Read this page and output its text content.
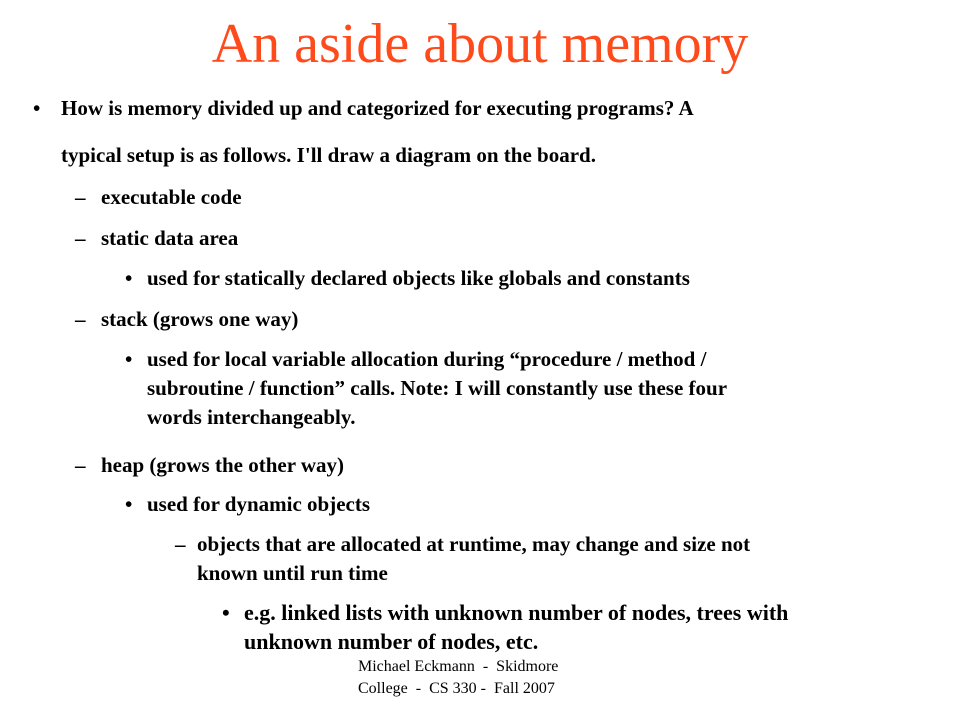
An aside about memory
• How is memory divided up and categorized for executing programs? A
typical setup is as follows. I'll draw a diagram on the board.
– executable code
– static data area
• used for statically declared objects like globals and constants
– stack (grows one way)
• used for local variable allocation during “procedure / method /
subroutine / function” calls. Note: I will constantly use these four
words interchangeably.
– heap (grows the other way)
• used for dynamic objects
– objects that are allocated at runtime, may change and size not
known until run time
• e.g. linked lists with unknown number of nodes, trees with
unknown number of nodes, etc.
Michael Eckmann  -  Skidmore
College  -  CS 330 -  Fall 2007
